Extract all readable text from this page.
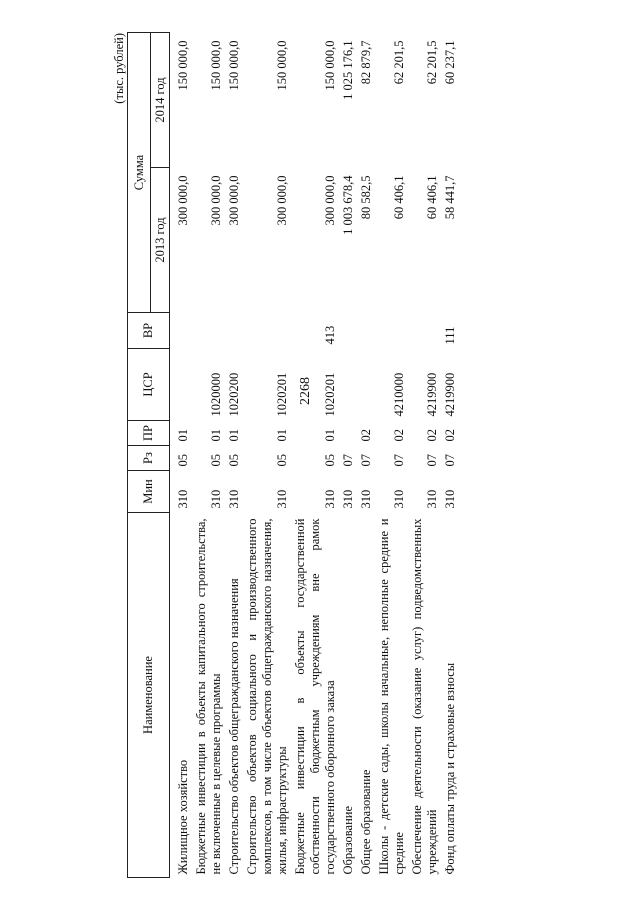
2268
(тыс. рублей)
Наименование	Мин	Рз	ПР	ЦСР	ВР	Сумма	
						2013 год	2014 год
Жилищное хозяйство	310	05	01			300 000,0	150 000,0
Бюджетные инвестиции в объекты капитального строительства, не включенные в целевые программы	310	05	01	1020000		300 000,0	150 000,0
Строительство объектов общегражданского назначения	310	05	01	1020200		300 000,0	150 000,0
Строительство объектов социального и производственного комплексов, в том числе объектов общегражданского назначения, жилья, инфраструктуры	310	05	01	1020201		300 000,0	150 000,0
Бюджетные инвестиции в объекты государственной собственности бюджетным учреждениям вне рамок государственного оборонного заказа	310	05	01	1020201	413	300 000,0	150 000,0
Образование	310	07				1 003 678,4	1 025 176,1
Общее образование	310	07	02			80 582,5	82 879,7
Школы - детские сады, школы начальные, неполные средние и средние	310	07	02	4210000		60 406,1	62 201,5
Обеспечение деятельности (оказание услуг) подведомственных учреждений	310	07	02	4219900		60 406,1	62 201,5
Фонд оплаты труда и страховые взносы	310	07	02	4219900	111	58 441,7	60 237,1
